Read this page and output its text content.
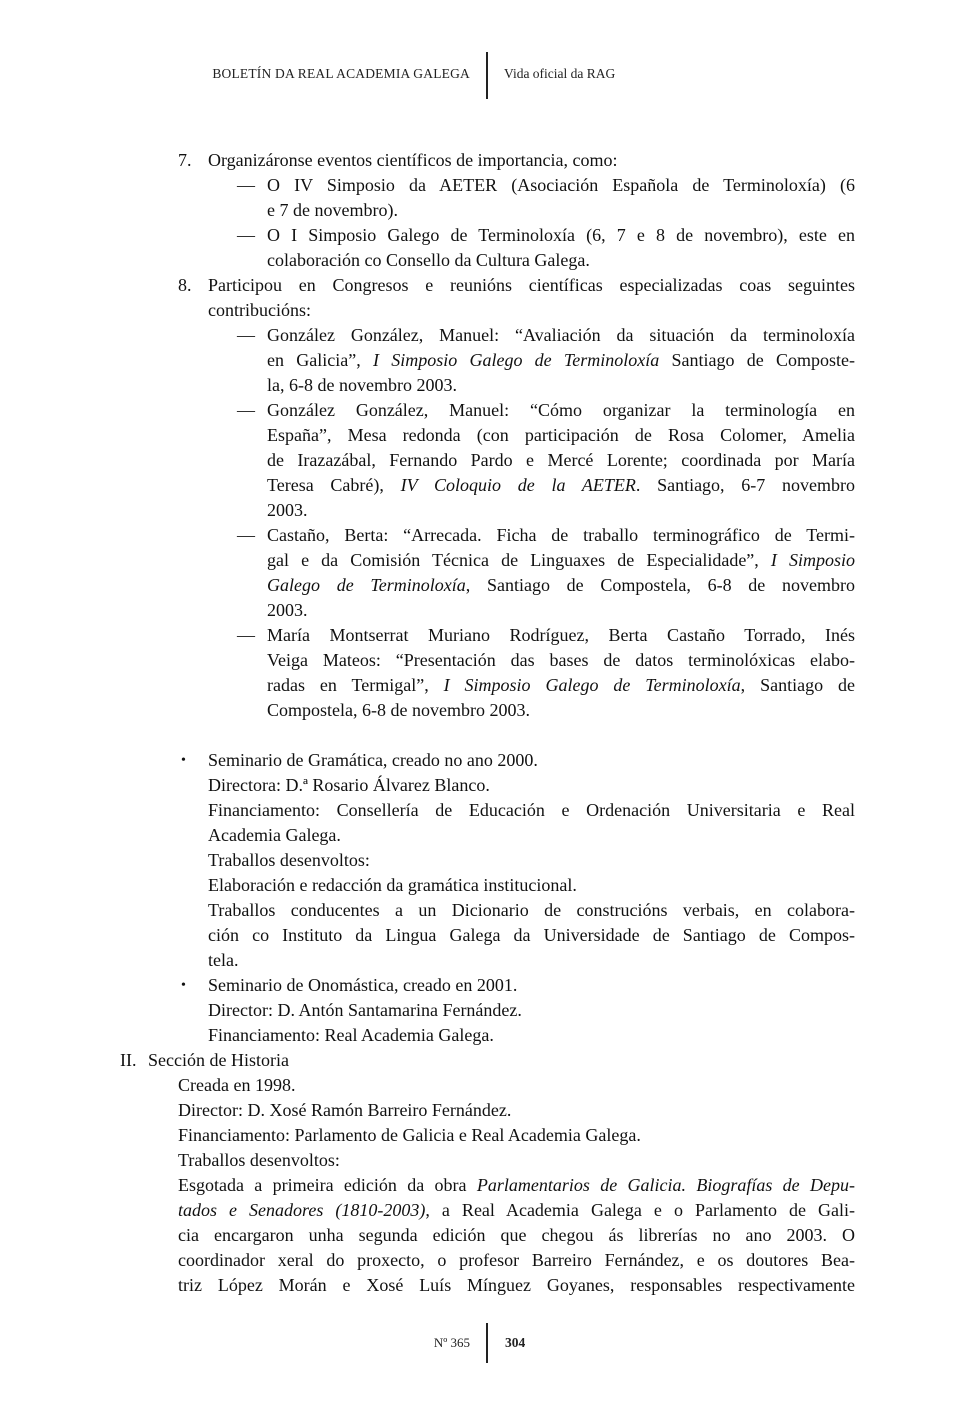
BOLETÍN DA REAL ACADEMIA GALEGA	Vida oficial da RAG
7. Organizáronse eventos científicos de importancia, como:
— O IV Simposio da AETER (Asociación Española de Terminoloxía) (6
e 7 de novembro).
— O I Simposio Galego de Terminoloxía (6, 7 e 8 de novembro), este en
colaboración co Consello da Cultura Galega.
8. Participou en Congresos e reunións científicas especializadas coas seguintes
contribucións:
— González González, Manuel: “Avaliación da situación da terminoloxía
en Galicia”, I Simposio Galego de Terminoloxía Santiago de Composte-
la, 6-8 de novembro 2003.
— González González, Manuel: “Cómo organizar la terminología en
España”, Mesa redonda (con participación de Rosa Colomer, Amelia
de Irazazábal, Fernando Pardo e Mercé Lorente; coordinada por María
Teresa Cabré), IV Coloquio de la AETER. Santiago, 6-7 novembro
2003.
— Castaño, Berta: “Arrecada. Ficha de traballo terminográfico de Termi-
gal e da Comisión Técnica de Linguaxes de Especialidade”, I Simposio
Galego de Terminoloxía, Santiago de Compostela, 6-8 de novembro
2003.
— María Montserrat Muriano Rodríguez, Berta Castaño Torrado, Inés
Veiga Mateos: “Presentación das bases de datos terminolóxicas elabo-
radas en Termigal”, I Simposio Galego de Terminoloxía, Santiago de
Compostela, 6-8 de novembro 2003.
• Seminario de Gramática, creado no ano 2000.
Directora: D.ª Rosario Álvarez Blanco.
Financiamento: Consellería de Educación e Ordenación Universitaria e Real
Academia Galega.
Traballos desenvoltos:
Elaboración e redacción da gramática institucional.
Traballos conducentes a un Dicionario de construcións verbais, en colabora-
ción co Instituto da Lingua Galega da Universidade de Santiago de Compos-
tela.
• Seminario de Onomástica, creado en 2001.
Director: D. Antón Santamarina Fernández.
Financiamento: Real Academia Galega.
II. Sección de Historia
Creada en 1998.
Director: D. Xosé Ramón Barreiro Fernández.
Financiamento: Parlamento de Galicia e Real Academia Galega.
Traballos desenvoltos:
Esgotada a primeira edición da obra Parlamentarios de Galicia. Biografías de Depu-
tados e Senadores (1810-2003), a Real Academia Galega e o Parlamento de Gali-
cia encargaron unha segunda edición que chegou ás librerías no ano 2003. O
coordinador xeral do proxecto, o profesor Barreiro Fernández, e os doutores Bea-
triz López Morán e Xosé Luís Mínguez Goyanes, responsables respectivamente
Nº 365	304
